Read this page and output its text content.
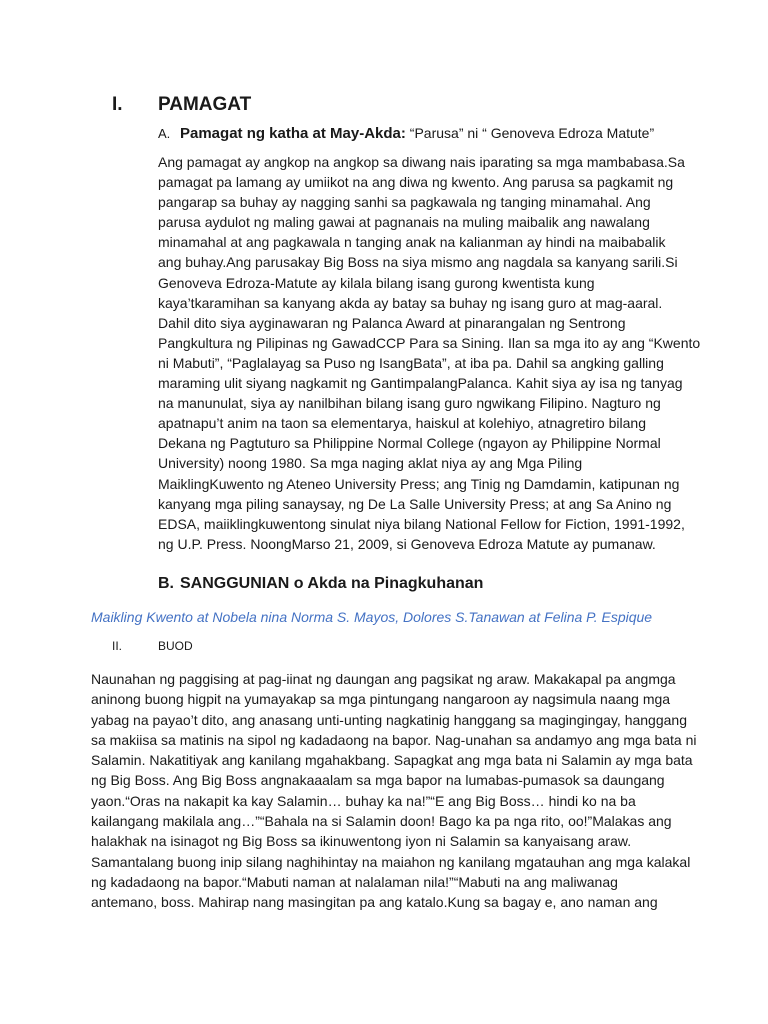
I.	PAMAGAT
A. Pamagat ng katha at May-Akda: “Parusa” ni “ Genoveva Edroza Matute”
Ang pamagat ay angkop na angkop sa diwang nais iparating sa mga mambabasa.Sa
pamagat pa lamang ay umiikot na ang diwa ng kwento. Ang parusa sa pagkamit ng
pangarap sa buhay ay nagging sanhi sa pagkawala ng tanging minamahal. Ang
parusa aydulot ng maling gawai at pagnanais na muling maibalik ang nawalang
minamahal at ang pagkawala n tanging anak na kalianman ay hindi na maibabalik
ang buhay.Ang parusakay Big Boss na siya mismo ang nagdala sa kanyang sarili.Si
Genoveva Edroza-Matute ay kilala bilang isang gurong kwentista kung
kaya’tkaramihan sa kanyang akda ay batay sa buhay ng isang guro at mag-aaral.
Dahil dito siya ayginawaran ng Palanca Award at pinarangalan ng Sentrong
Pangkultura ng Pilipinas ng GawadCCP Para sa Sining. Ilan sa mga ito ay ang “Kwento
ni Mabuti”, “Paglalayag sa Puso ng IsangBata”, at iba pa. Dahil sa angking galling
maraming ulit siyang nagkamit ng GantimpalangPalanca. Kahit siya ay isa ng tanyag
na manunulat, siya ay nanilbihan bilang isang guro ngwikang Filipino. Nagturo ng
apatnapu’t anim na taon sa elementarya, haiskul at kolehiyo, atnagretiro bilang
Dekana ng Pagtuturo sa Philippine Normal College (ngayon ay Philippine Normal
University) noong 1980. Sa mga naging aklat niya ay ang Mga Piling
MaiklingKuwento ng Ateneo University Press; ang Tinig ng Damdamin, katipunan ng
kanyang mga piling sanaysay, ng De La Salle University Press; at ang Sa Anino ng
EDSA, maiiklingkuwentong sinulat niya bilang National Fellow for Fiction, 1991-1992,
ng U.P. Press. NoongMarso 21, 2009, si Genoveva Edroza Matute ay pumanaw.
B. SANGGUNIAN o Akda na Pinagkuhanan
Maikling Kwento at Nobela nina Norma S. Mayos, Dolores S.Tanawan at Felina P. Espique
II.	BUOD
Naunahan ng paggising at pag-iinat ng daungan ang pagsikat ng araw. Makakapal pa angmga
aninong buong higpit na yumayakap sa mga pintungang nangaroon ay nagsimula naang mga
yabag na payao’t dito, ang anasang unti-unting nagkatinig hanggang sa magingingay, hanggang
sa makiisa sa matinis na sipol ng kadadaong na bapor. Nag-unahan sa andamyo ang mga bata ni
Salamin. Nakatitiyak ang kanilang mgahakbang. Sapagkat ang mga bata ni Salamin ay mga bata
ng Big Boss. Ang Big Boss angnakaaalam sa mga bapor na lumabas-pumasok sa daungang
yaon.“Oras na nakapit ka kay Salamin… buhay ka na!”“E ang Big Boss… hindi ko na ba
kailangang makilala ang…”“Bahala na si Salamin doon! Bago ka pa nga rito, oo!”Malakas ang
halakhak na isinagot ng Big Boss sa ikinuwentong iyon ni Salamin sa kanyaisang araw.
Samantalang buong inip silang naghihintay na maiahon ng kanilang mgatauhan ang mga kalakal
ng kadadaong na bapor.“Mabuti naman at nalalaman nila!”“Mabuti na ang maliwanag
antemano, boss. Mahirap nang masingitan pa ang katalo.Kung sa bagay e, ano naman ang
